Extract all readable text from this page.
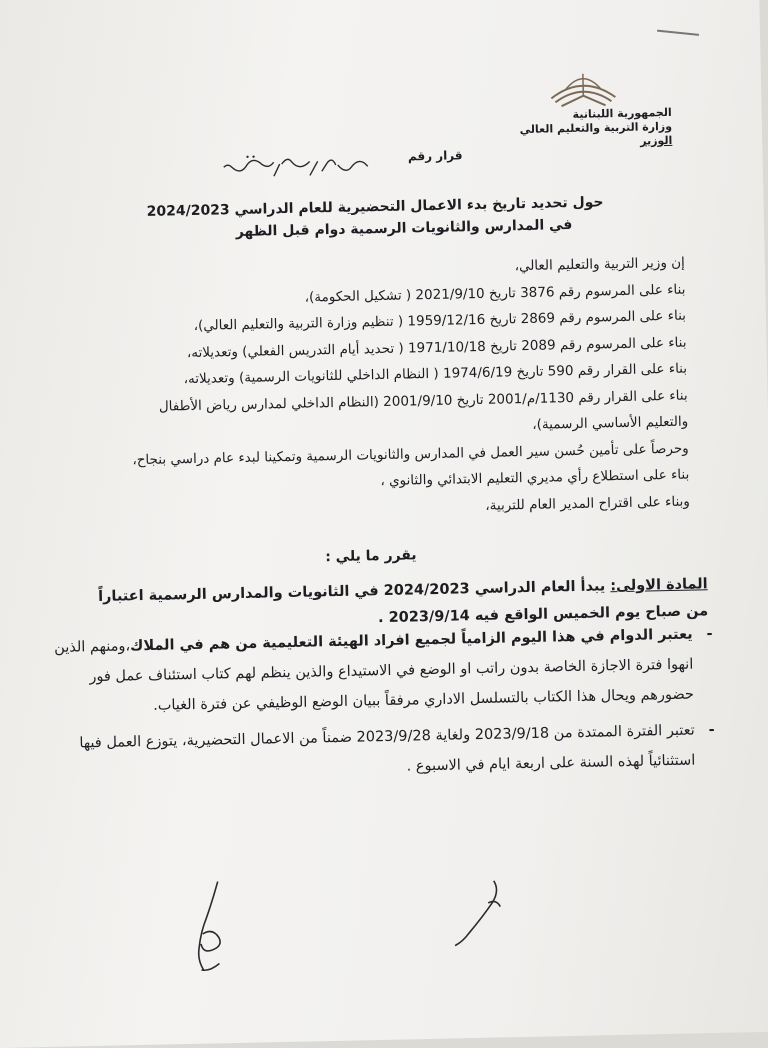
الجمهورية اللبنانية
وزارة التربية والتعليم العالي
الوزير
قرار رقم
حول تحديد تاريخ بدء الاعمال التحضيرية للعام الدراسي 2024/2023
في المدارس والثانويات الرسمية دوام قبل الظهر
إن وزير التربية والتعليم العالي،
بناء على المرسوم رقم 3876 تاريخ 2021/9/10 ( تشكيل الحكومة)،
بناء على المرسوم رقم 2869 تاريخ 1959/12/16 ( تنظيم وزارة التربية والتعليم العالي)،
بناء على المرسوم رقم 2089 تاريخ 1971/10/18 ( تحديد أيام التدريس الفعلي) وتعديلاته،
بناء على القرار رقم 590 تاريخ 1974/6/19 ( النظام الداخلي للثانويات الرسمية) وتعديلاته،
بناء على القرار رقم 1130/م/2001 تاريخ 2001/9/10 (النظام الداخلي لمدارس رياض الأطفال
والتعليم الأساسي الرسمية)،
وحرصاً على تأمين حُسن سير العمل في المدارس والثانويات الرسمية وتمكينا لبدء عام دراسي بنجاح،
بناء على استطلاع رأي مديري التعليم الابتدائي والثانوي ،
وبناء على اقتراح المدير العام للتربية،
يقرر ما يلي :
المادة الاولى: يبدأ العام الدراسي 2024/2023 في الثانويات والمدارس الرسمية اعتباراً من صباح يوم الخميس الواقع فيه 2023/9/14 .
-
يعتبر الدوام في هذا اليوم الزامياً لجميع افراد الهيئة التعليمية من هم في الملاك،ومنهم الذين انهوا فترة الاجازة الخاصة بدون راتب او الوضع في الاستيداع والذين ينظم لهم كتاب استئناف عمل فور حضورهم ويحال هذا الكتاب بالتسلسل الاداري مرفقاً ببيان الوضع الوظيفي عن فترة الغياب.
-
تعتبر الفترة الممتدة من 2023/9/18 ولغاية 2023/9/28 ضمناً من الاعمال التحضيرية، يتوزع العمل فيها استثنائياً لهذه السنة على اربعة ايام في الاسبوع .
